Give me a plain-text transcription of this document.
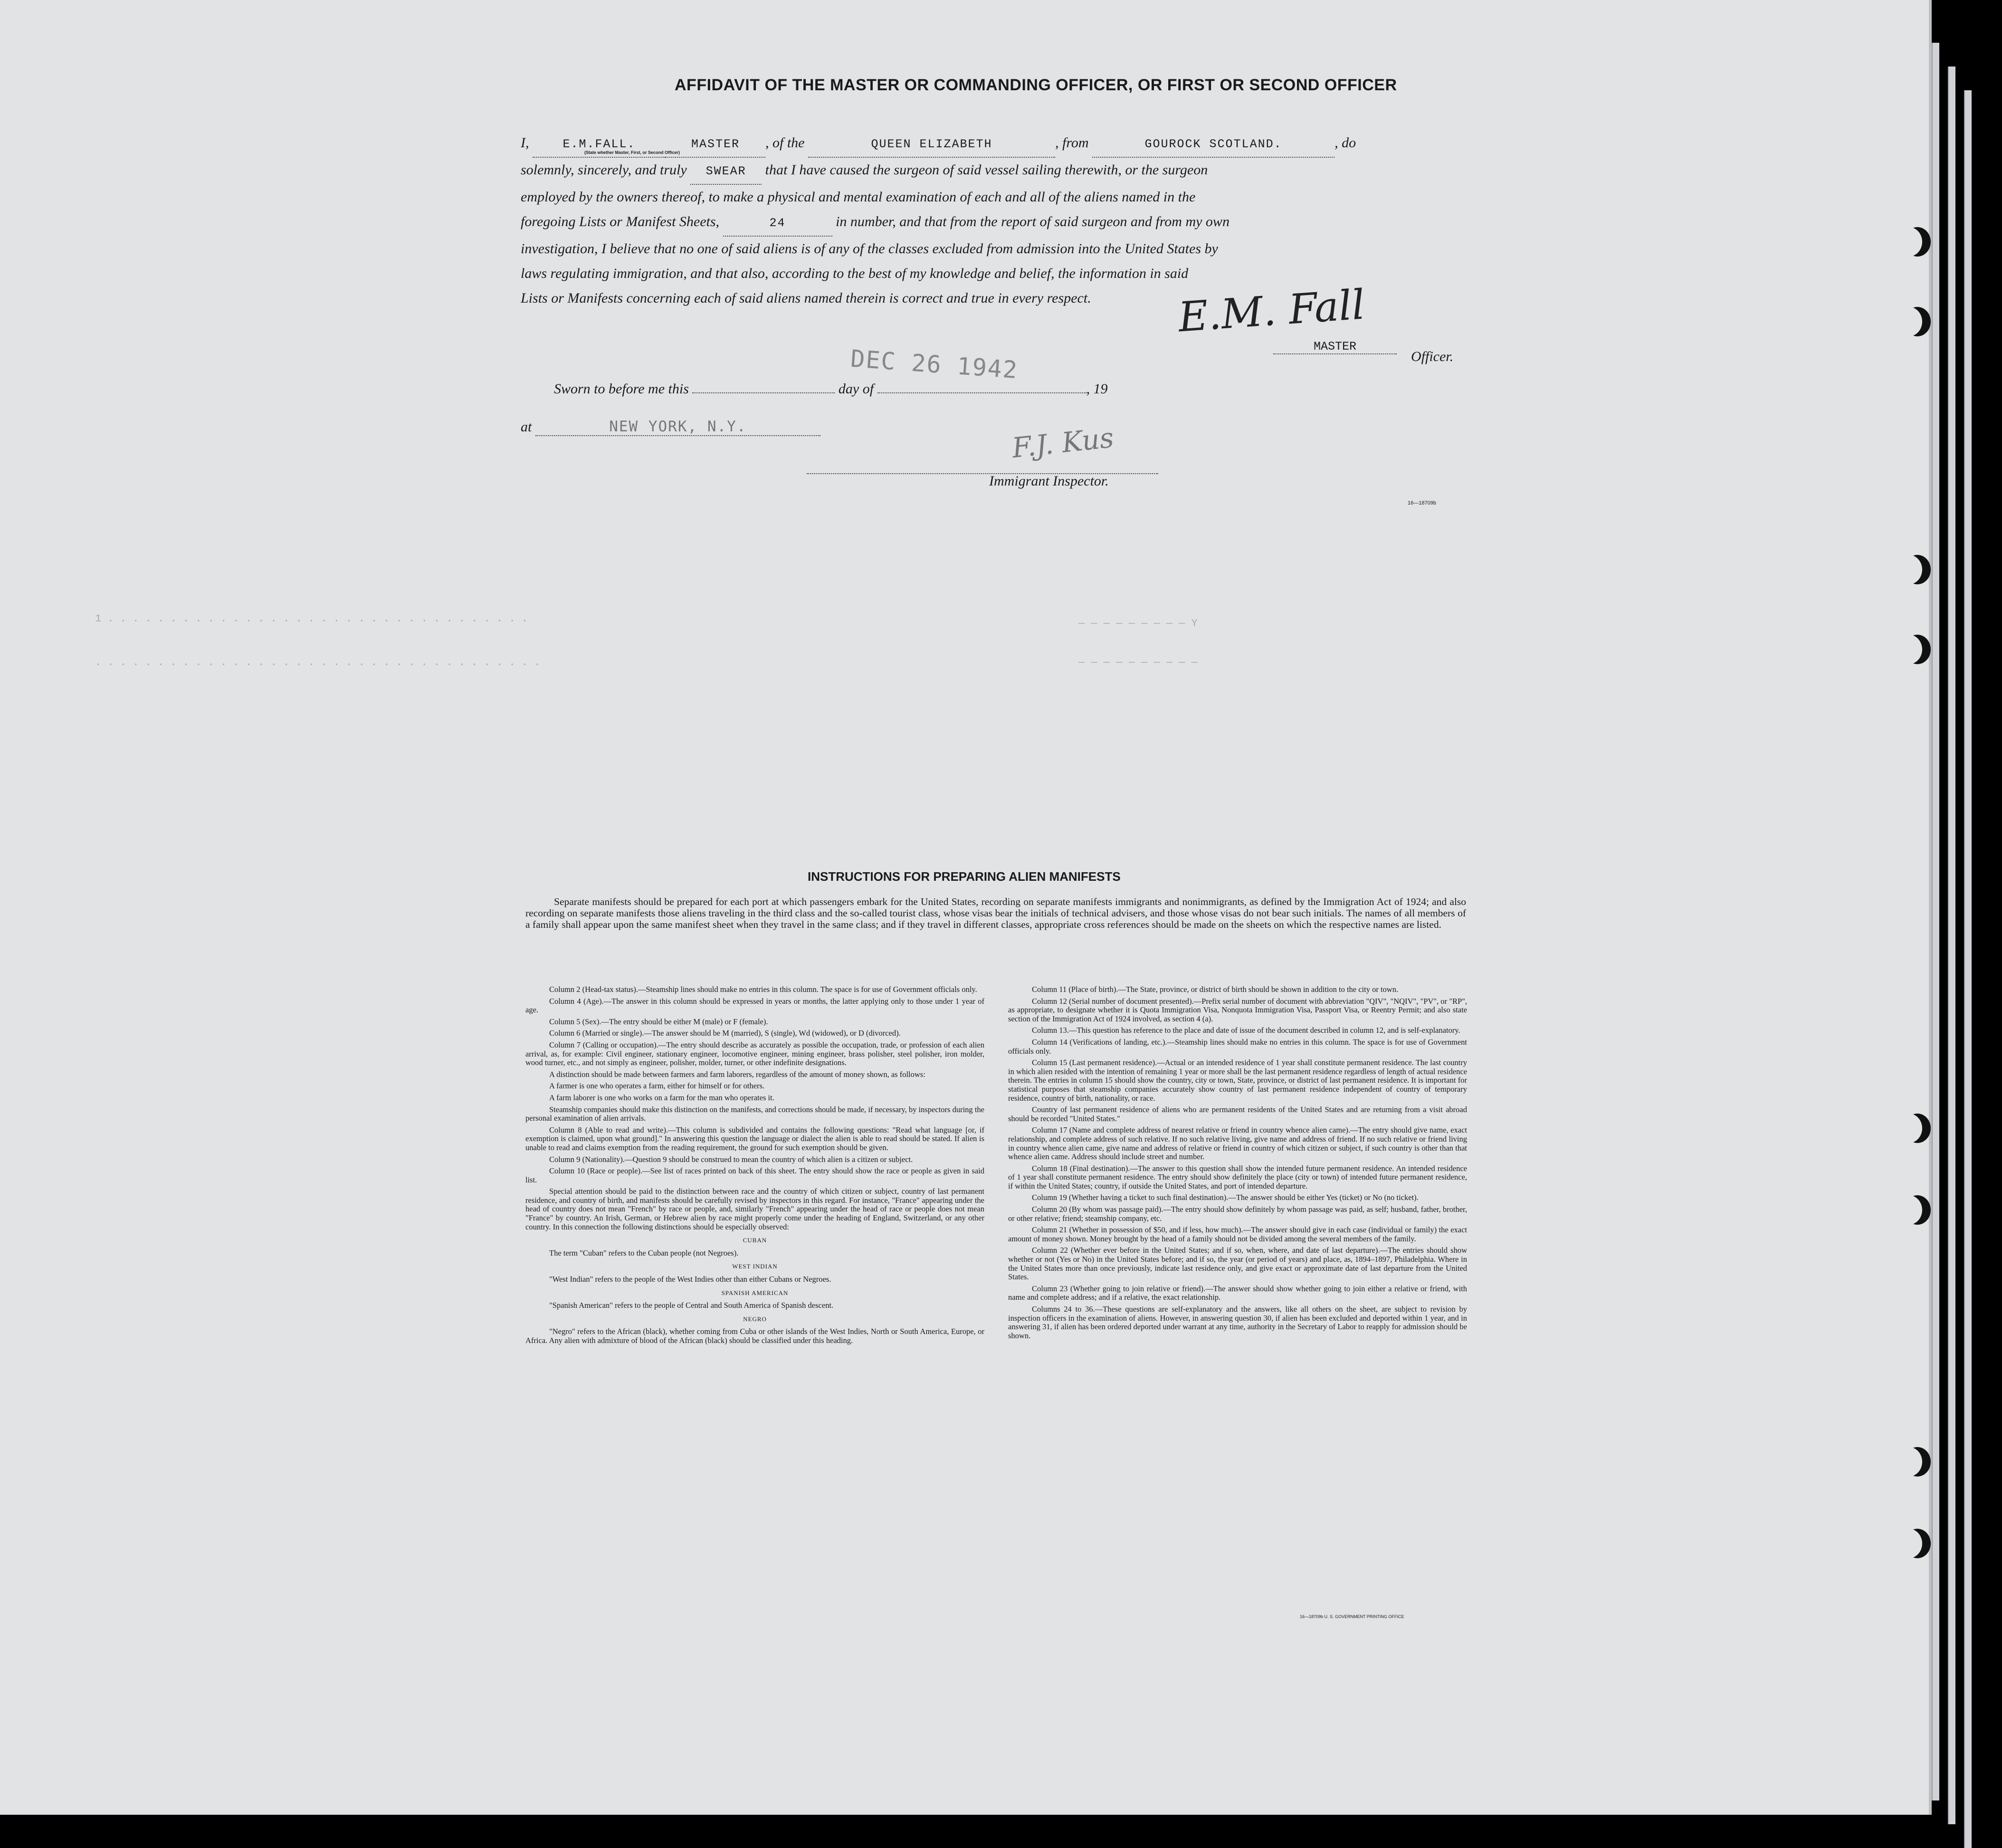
1 . . . . . . . . . . . . . . . . . . . . . . . . . . . . . . . . . .
. . . . . . . . . . . . . . . . . . . . . . . . . . . . . . . . . . . .
— — — — — — — — — Y
— — — — — — — — — —
AFFIDAVIT OF THE MASTER OR COMMANDING OFFICER, OR FIRST OR SECOND OFFICER

I,	E.M.FALL.	MASTER , of the	QUEEN ELIZABETH	, from	GOUROCK SCOTLAND.	, do

solemnly, sincerely, and truly SWEAR that I have caused the surgeon of said vessel sailing therewith, or the surgeon

employed by the owners thereof, to make a physical and mental examination of each and all of the aliens named in the

foregoing Lists or Manifest Sheets,	24	in number, and that from the report of said surgeon and from my own

investigation, I believe that no one of said aliens is of any of the classes excluded from admission into the United States by

laws regulating immigration, and that also, according to the best of my knowledge and belief, the information in said

Lists or Manifests concerning each of said aliens named therein is correct and true in every respect.

(State whether Master, First, or Second Officer)
E.M. Fall
MASTER
Officer.
DEC 26 1942
Sworn to before me this	day of	, 19
at	NEW YORK, N.Y.	F.J. Kus
Immigrant Inspector.
16—18709b
INSTRUCTIONS FOR PREPARING ALIEN MANIFESTS

Separate manifests should be prepared for each port at which passengers embark for the United States, recording on separate manifests immigrants and nonimmigrants, as defined by the Immigration Act of 1924; and also recording on separate manifests those aliens traveling in the third class and the so-called tourist class, whose visas bear the initials of technical advisers, and those whose visas do not bear such initials. The names of all members of a family shall appear upon the same manifest sheet when they travel in the same class; and if they travel in different classes, appropriate cross references should be made on the sheets on which the respective names are listed.

Column 2 (Head-tax status).—Steamship lines should make no entries in this column. The space is for use of Government officials only.

Column 4 (Age).—The answer in this column should be expressed in years or months, the latter applying only to those under 1 year of age.

Column 5 (Sex).—The entry should be either M (male) or F (female).

Column 6 (Married or single).—The answer should be M (married), S (single), Wd (widowed), or D (divorced).

Column 7 (Calling or occupation).—The entry should describe as accurately as possible the occupation, trade, or profession of each alien arrival, as, for example: Civil engineer, stationary engineer, locomotive engineer, mining engineer, brass polisher, steel polisher, iron molder, wood turner, etc., and not simply as engineer, polisher, molder, turner, or other indefinite designations.

A distinction should be made between farmers and farm laborers, regardless of the amount of money shown, as follows:

A farmer is one who operates a farm, either for himself or for others.

A farm laborer is one who works on a farm for the man who operates it.

Steamship companies should make this distinction on the manifests, and corrections should be made, if necessary, by inspectors during the personal examination of alien arrivals.

Column 8 (Able to read and write).—This column is subdivided and contains the following questions: "Read what language [or, if exemption is claimed, upon what ground]." In answering this question the language or dialect the alien is able to read should be stated. If alien is unable to read and claims exemption from the reading requirement, the ground for such exemption should be given.

Column 9 (Nationality).—Question 9 should be construed to mean the country of which alien is a citizen or subject.

Column 10 (Race or people).—See list of races printed on back of this sheet. The entry should show the race or people as given in said list.

Special attention should be paid to the distinction between race and the country of which citizen or subject, country of last permanent residence, and country of birth, and manifests should be carefully revised by inspectors in this regard. For instance, "France" appearing under the head of country does not mean "French" by race or people, and, similarly "French" appearing under the head of race or people does not mean "France" by country. An Irish, German, or Hebrew alien by race might properly come under the heading of England, Switzerland, or any other country. In this connection the following distinctions should be especially observed:

CUBAN

The term "Cuban" refers to the Cuban people (not Negroes).

WEST INDIAN

"West Indian" refers to the people of the West Indies other than either Cubans or Negroes.

SPANISH AMERICAN

"Spanish American" refers to the people of Central and South America of Spanish descent.

NEGRO

"Negro" refers to the African (black), whether coming from Cuba or other islands of the West Indies, North or South America, Europe, or Africa. Any alien with admixture of blood of the African (black) should be classified under this heading.

Column 11 (Place of birth).—The State, province, or district of birth should be shown in addition to the city or town.

Column 12 (Serial number of document presented).—Prefix serial number of document with abbreviation "QIV", "NQIV", "PV", or "RP", as appropriate, to designate whether it is Quota Immigration Visa, Nonquota Immigration Visa, Passport Visa, or Reentry Permit; and also state section of the Immigration Act of 1924 involved, as section 4 (a).

Column 13.—This question has reference to the place and date of issue of the document described in column 12, and is self-explanatory.

Column 14 (Verifications of landing, etc.).—Steamship lines should make no entries in this column. The space is for use of Government officials only.

Column 15 (Last permanent residence).—Actual or an intended residence of 1 year shall constitute permanent residence. The last country in which alien resided with the intention of remaining 1 year or more shall be the last permanent residence regardless of length of actual residence therein. The entries in column 15 should show the country, city or town, State, province, or district of last permanent residence. It is important for statistical purposes that steamship companies accurately show country of last permanent residence independent of country of temporary residence, country of birth, nationality, or race.

Country of last permanent residence of aliens who are permanent residents of the United States and are returning from a visit abroad should be recorded "United States."

Column 17 (Name and complete address of nearest relative or friend in country whence alien came).—The entry should give name, exact relationship, and complete address of such relative. If no such relative living, give name and address of friend. If no such relative or friend living in country whence alien came, give name and address of relative or friend in country of which citizen or subject, if such country is other than that whence alien came. Address should include street and number.

Column 18 (Final destination).—The answer to this question shall show the intended future permanent residence. An intended residence of 1 year shall constitute permanent residence. The entry should show definitely the place (city or town) of intended future permanent residence, if within the United States; country, if outside the United States, and port of intended departure.

Column 19 (Whether having a ticket to such final destination).—The answer should be either Yes (ticket) or No (no ticket).

Column 20 (By whom was passage paid).—The entry should show definitely by whom passage was paid, as self; husband, father, brother, or other relative; friend; steamship company, etc.

Column 21 (Whether in possession of $50, and if less, how much).—The answer should give in each case (individual or family) the exact amount of money shown. Money brought by the head of a family should not be divided among the several members of the family.

Column 22 (Whether ever before in the United States; and if so, when, where, and date of last departure).—The entries should show whether or not (Yes or No) in the United States before; and if so, the year (or period of years) and place, as, 1894–1897, Philadelphia. Where in the United States more than once previously, indicate last residence only, and give exact or approximate date of last departure from the United States.

Column 23 (Whether going to join relative or friend).—The answer should show whether going to join either a relative or friend, with name and complete address; and if a relative, the exact relationship.

Columns 24 to 36.—These questions are self-explanatory and the answers, like all others on the sheet, are subject to revision by inspection officers in the examination of aliens. However, in answering question 30, if alien has been excluded and deported within 1 year, and in answering 31, if alien has been ordered deported under warrant at any time, authority in the Secretary of Labor to reapply for admission should be shown.

16—18709b U. S. GOVERNMENT PRINTING OFFICE
